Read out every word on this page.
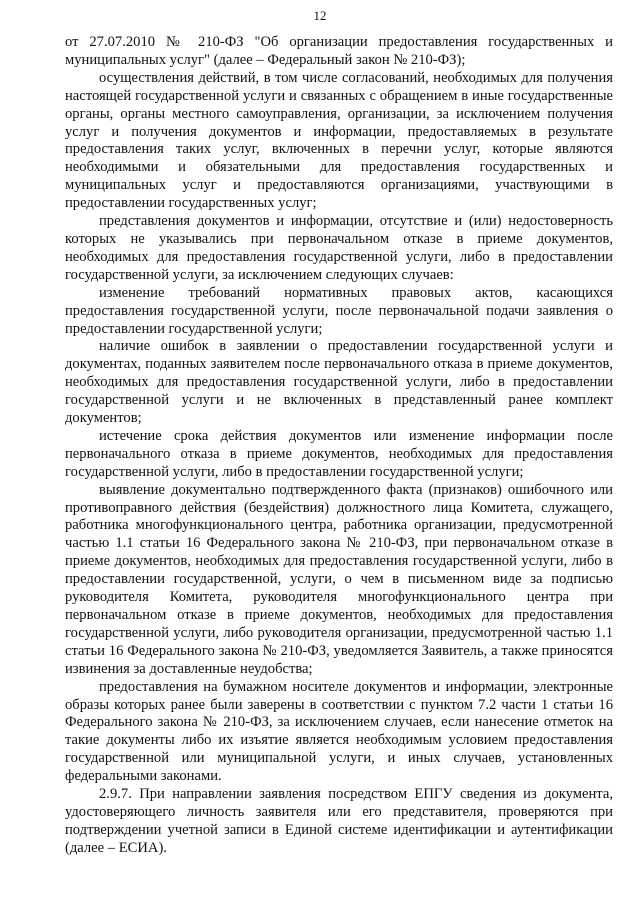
12

от 27.07.2010 № 210-ФЗ "Об организации предоставления государственных и муниципальных услуг" (далее – Федеральный закон № 210-ФЗ);

осуществления действий, в том числе согласований, необходимых для получения настоящей государственной услуги и связанных с обращением в иные государственные органы, органы местного самоуправления, организации, за исключением получения услуг и получения документов и информации, предоставляемых в результате предоставления таких услуг, включенных в перечни услуг, которые являются необходимыми и обязательными для предоставления государственных и муниципальных услуг и предоставляются организациями, участвующими в предоставлении государственных услуг;

представления документов и информации, отсутствие и (или) недостоверность которых не указывались при первоначальном отказе в приеме документов, необходимых для предоставления государственной услуги, либо в предоставлении государственной услуги, за исключением следующих случаев:

изменение требований нормативных правовых актов, касающихся предоставления государственной услуги, после первоначальной подачи заявления о предоставлении государственной услуги;

наличие ошибок в заявлении о предоставлении государственной услуги и документах, поданных заявителем после первоначального отказа в приеме документов, необходимых для предоставления государственной услуги, либо в предоставлении государственной услуги и не включенных в представленный ранее комплект документов;

истечение срока действия документов или изменение информации после первоначального отказа в приеме документов, необходимых для предоставления государственной услуги, либо в предоставлении государственной услуги;

выявление документально подтвержденного факта (признаков) ошибочного или противоправного действия (бездействия) должностного лица Комитета, служащего, работника многофункционального центра, работника организации, предусмотренной частью 1.1 статьи 16 Федерального закона № 210-ФЗ, при первоначальном отказе в приеме документов, необходимых для предоставления государственной услуги, либо в предоставлении государственной, услуги, о чем в письменном виде за подписью руководителя Комитета, руководителя многофункционального центра при первоначальном отказе в приеме документов, необходимых для предоставления государственной услуги, либо руководителя организации, предусмотренной частью 1.1 статьи 16 Федерального закона № 210-ФЗ, уведомляется Заявитель, а также приносятся извинения за доставленные неудобства;

предоставления на бумажном носителе документов и информации, электронные образы которых ранее были заверены в соответствии с пунктом 7.2 части 1 статьи 16 Федерального закона № 210-ФЗ, за исключением случаев, если нанесение отметок на такие документы либо их изъятие является необходимым условием предоставления государственной или муниципальной услуги, и иных случаев, установленных федеральными законами.

2.9.7. При направлении заявления посредством ЕПГУ сведения из документа, удостоверяющего личность заявителя или его представителя, проверяются при подтверждении учетной записи в Единой системе идентификации и аутентификации (далее – ЕСИА).
